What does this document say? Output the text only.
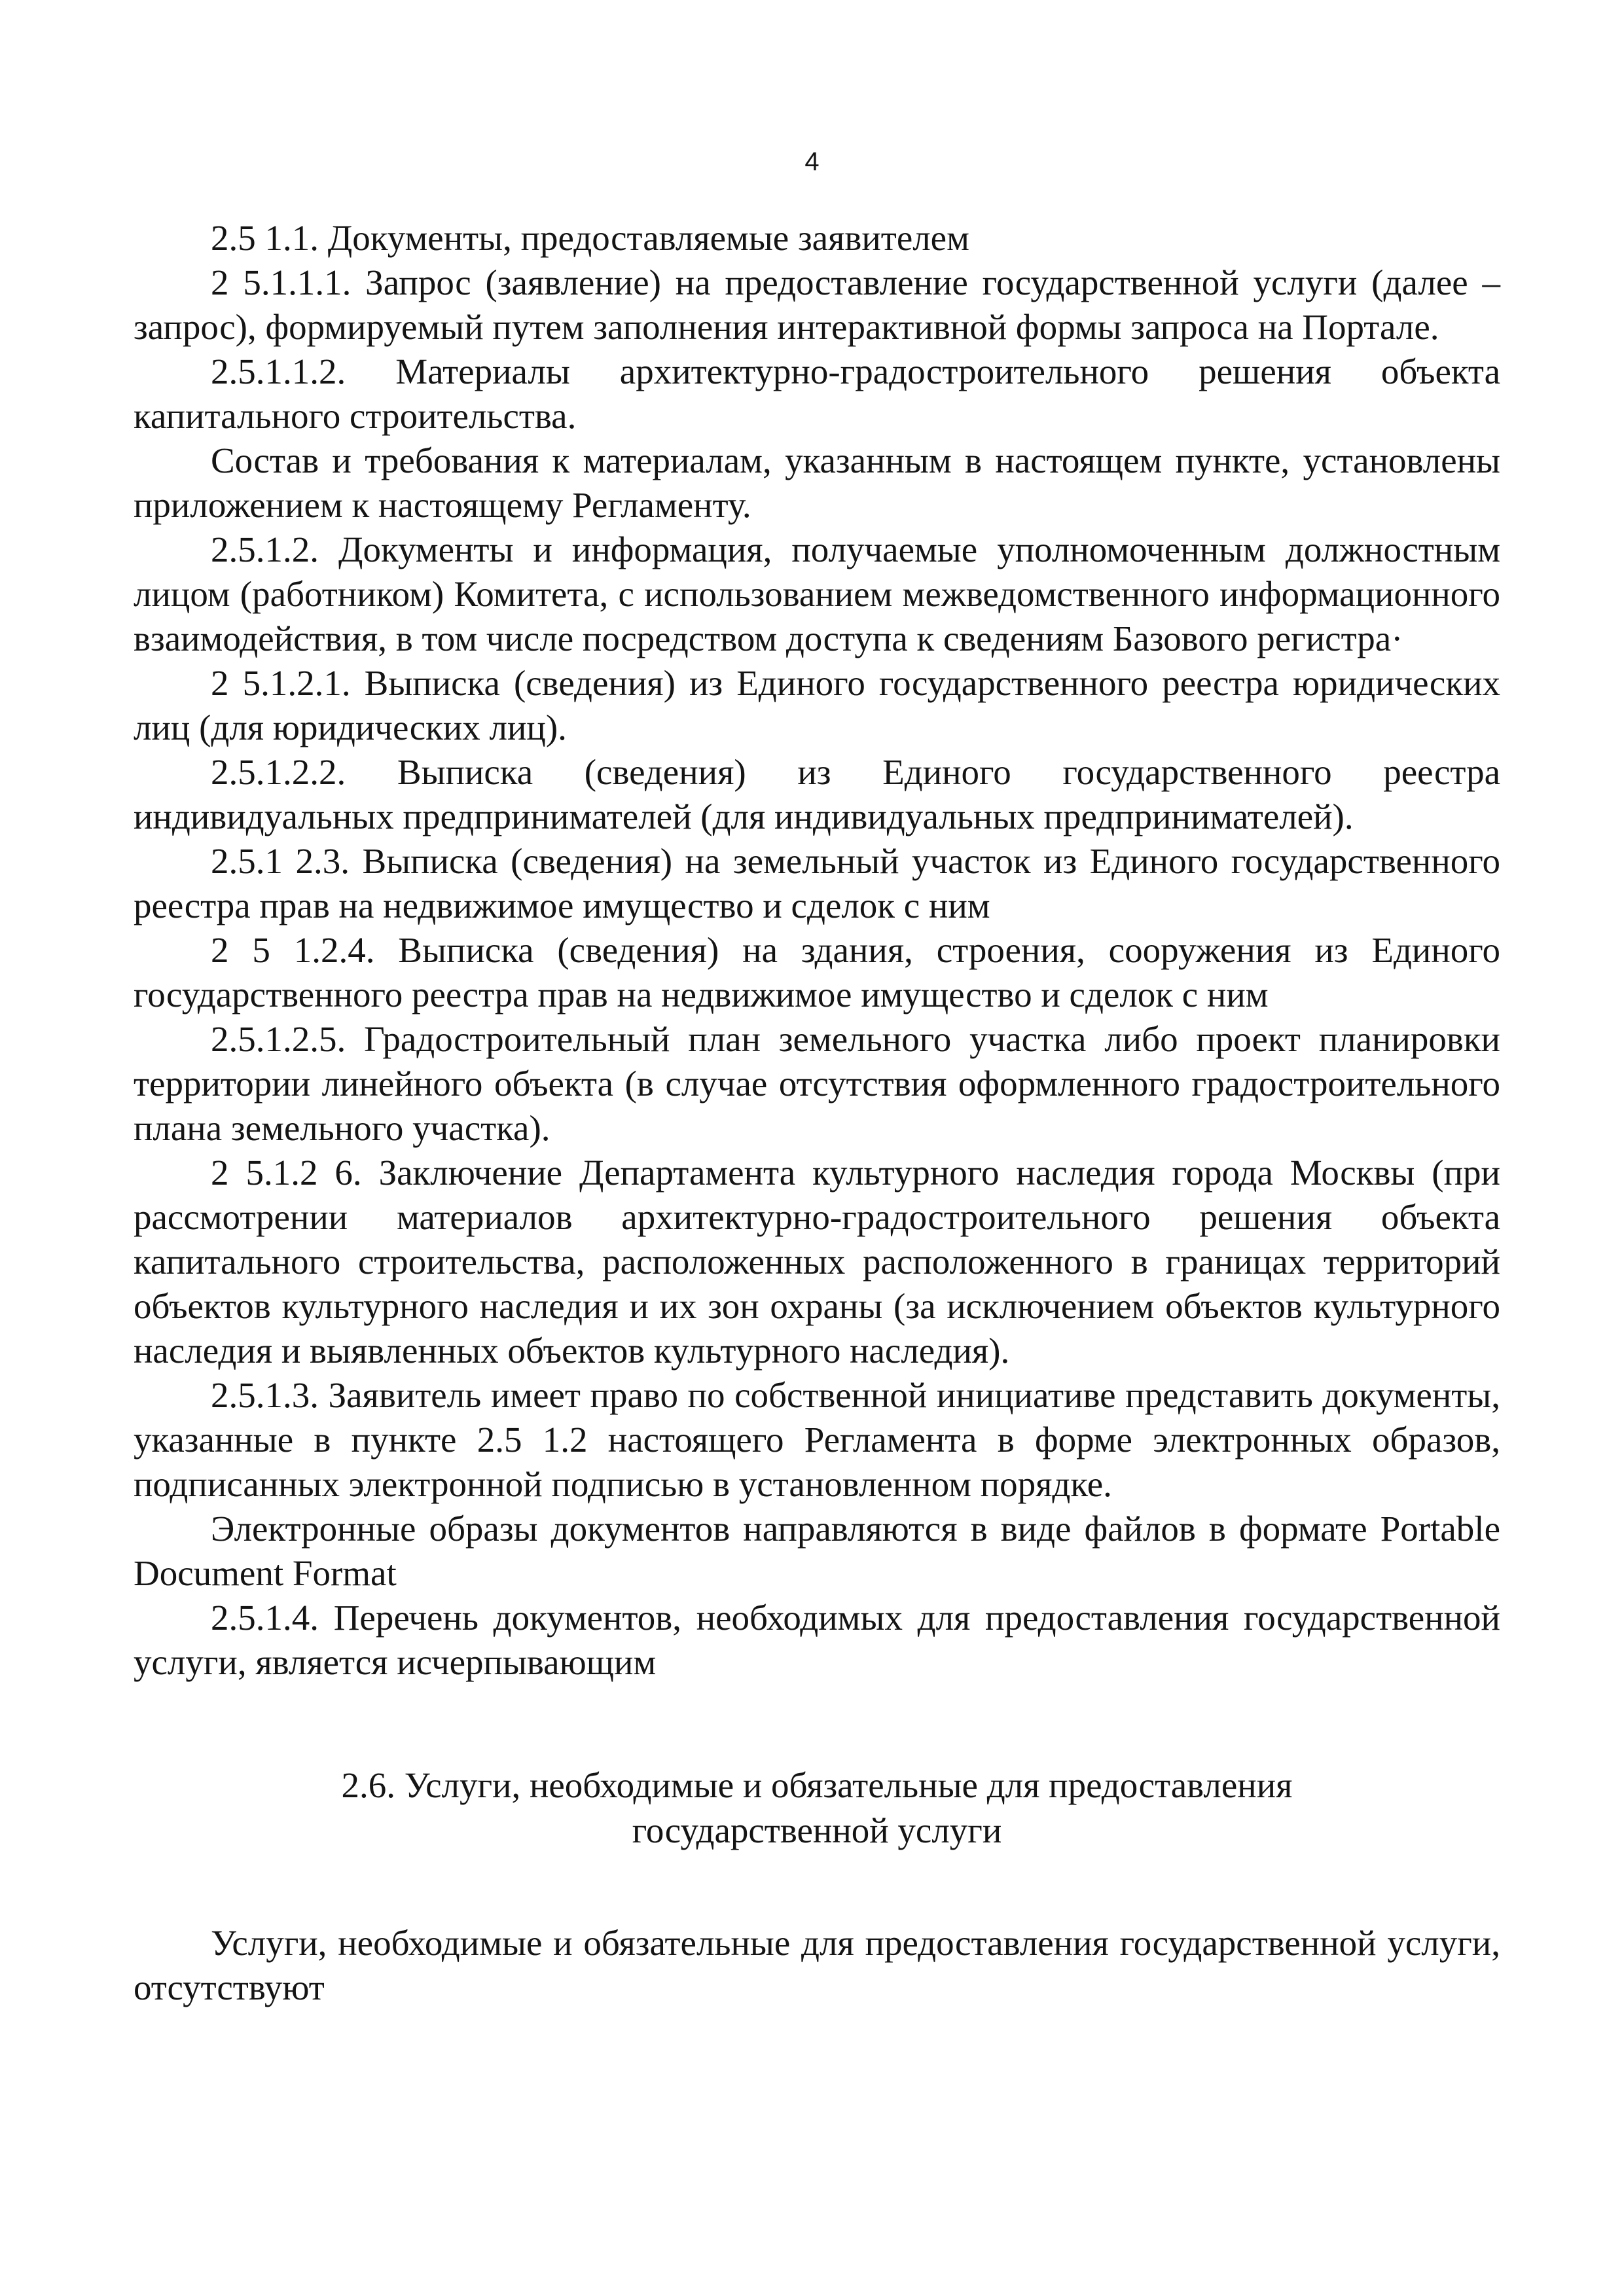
4

2.5 1.1. Документы, предоставляемые заявителем

2 5.1.1.1. Запрос (заявление) на предоставление государственной услуги (далее – запрос), формируемый путем заполнения интерактивной формы запроса на Портале.

2.5.1.1.2. Материалы архитектурно-градостроительного решения объекта капитального строительства.

Состав и требования к материалам, указанным в настоящем пункте, установлены приложением к настоящему Регламенту.

2.5.1.2. Документы и информация, получаемые уполномоченным должностным лицом (работником) Комитета, с использованием межведомственного информационного взаимодействия, в том числе посредством доступа к сведениям Базового регистра·

2 5.1.2.1. Выписка (сведения) из Единого государственного реестра юридических лиц (для юридических лиц).

2.5.1.2.2. Выписка (сведения) из Единого государственного реестра индивидуальных предпринимателей (для индивидуальных предпринимателей).

2.5.1 2.3. Выписка (сведения) на земельный участок из Единого государственного реестра прав на недвижимое имущество и сделок с ним

2 5 1.2.4. Выписка (сведения) на здания, строения, сооружения из Единого государственного реестра прав на недвижимое имущество и сделок с ним

2.5.1.2.5. Градостроительный план земельного участка либо проект планировки территории линейного объекта (в случае отсутствия оформленного градостроительного плана земельного участка).

2 5.1.2 6. Заключение Департамента культурного наследия города Москвы (при рассмотрении материалов архитектурно-градостроительного решения объекта капитального строительства, расположенных расположенного в границах территорий объектов культурного наследия и их зон охраны (за исключением объектов культурного наследия и выявленных объектов культурного наследия).

2.5.1.3. Заявитель имеет право по собственной инициативе представить документы, указанные в пункте 2.5 1.2 настоящего Регламента в форме электронных образов, подписанных электронной подписью в установленном порядке.

Электронные образы документов направляются в виде файлов в формате Portable Document Format

2.5.1.4. Перечень документов, необходимых для предоставления государственной услуги, является исчерпывающим

2.6. Услуги, необходимые и обязательные для предоставления
государственной услуги

Услуги, необходимые и обязательные для предоставления государственной услуги, отсутствуют
